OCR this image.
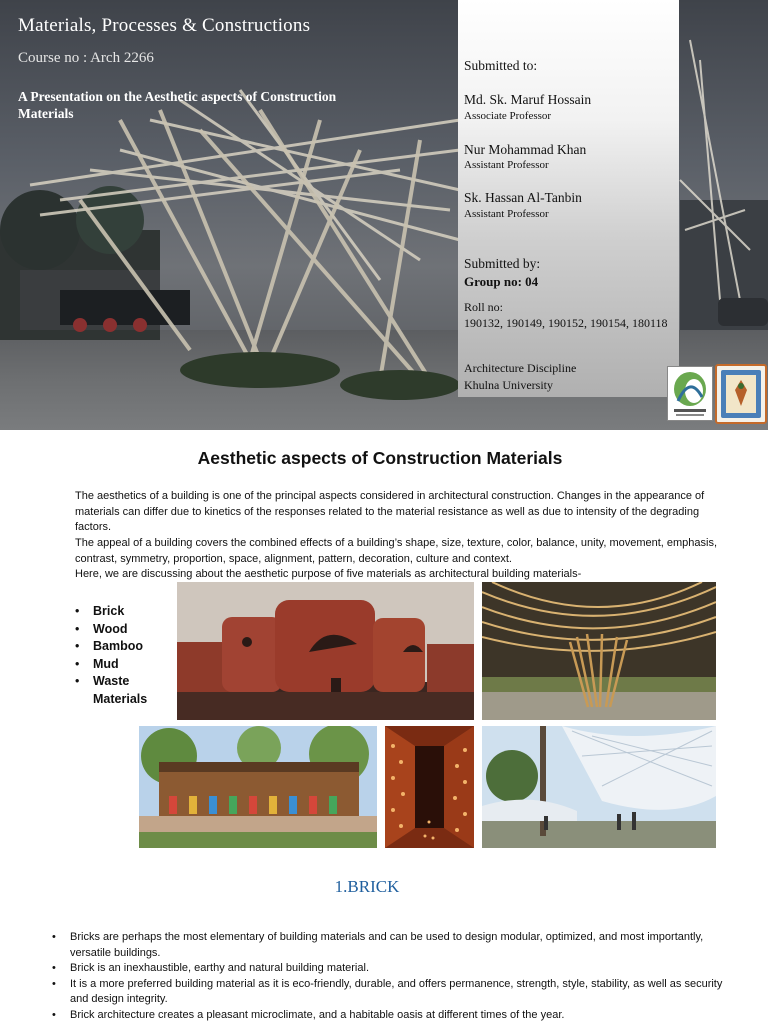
Materials, Processes & Constructions
Course no : Arch 2266
A Presentation on the Aesthetic aspects of Construction Materials
Submitted to:
Md. Sk. Maruf Hossain
Associate Professor
Nur Mohammad Khan
Assistant Professor
Sk. Hassan Al-Tanbin
Assistant Professor
Submitted by:
Group no: 04
Roll no:
190132, 190149, 190152, 190154, 180118
Architecture Discipline
Khulna University
Aesthetic aspects of Construction Materials
The aesthetics of a building is one of the principal aspects considered in architectural construction. Changes in the appearance of materials can differ due to kinetics of the responses related to the material resistance as well as due to intensity of the degrading factors.
The appeal of a building covers the combined effects of a building’s shape, size, texture, color, balance, unity, movement, emphasis, contrast, symmetry, proportion, space, alignment, pattern, decoration, culture and context.
Here, we are discussing about the aesthetic purpose of five materials as architectural building materials-
• Brick
• Wood
• Bamboo
• Mud
• Waste Materials
1.BRICK
• Bricks are perhaps the most elementary of building materials and can be used to design modular, optimized, and most importantly, versatile buildings.
• Brick is an inexhaustible, earthy and natural building material.
• It is a more preferred building material as it is eco-friendly, durable, and offers permanence, strength, style, stability, as well as security and design integrity.
• Brick architecture creates a pleasant microclimate, and a habitable oasis at different times of the year.
